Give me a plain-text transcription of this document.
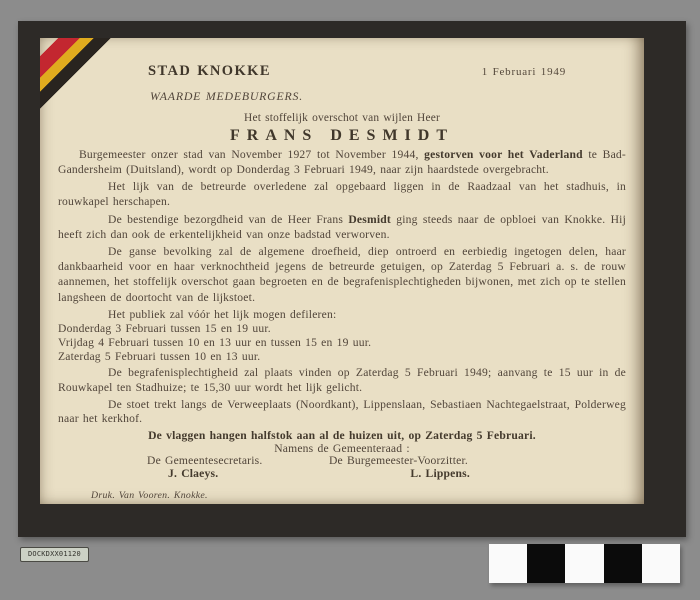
STAD KNOKKE	1 Februari 1949
WAARDE MEDEBURGERS.
Het stoffelijk overschot van wijlen Heer
FRANS DESMIDT

Burgemeester onzer stad van November 1927 tot November 1944, gestorven voor het Vaderland te Bad-Gandersheim (Duitsland), wordt op Donderdag 3 Februari 1949, naar zijn haardstede overgebracht.

Het lijk van de betreurde overledene zal opgebaard liggen in de Raadzaal van het stadhuis, in rouwkapel herschapen.

De bestendige bezorgdheid van de Heer Frans Desmidt ging steeds naar de opbloei van Knokke. Hij heeft zich dan ook de erkentelijkheid van onze badstad verworven.

De ganse bevolking zal de algemene droefheid, diep ontroerd en eerbiedig ingetogen delen, haar dankbaarheid voor en haar verknochtheid jegens de betreurde getuigen, op Zaterdag 5 Februari a. s. de rouw aannemen, het stoffelijk overschot gaan begroeten en de begrafenisplechtigheden bijwonen, met zich op te stellen langsheen de doortocht van de lijkstoet.

Het publiek zal vóór het lijk mogen defileren:

Donderdag 3 Februari tussen 15 en 19 uur.
Vrijdag 4 Februari tussen 10 en 13 uur en tussen 15 en 19 uur.
Zaterdag 5 Februari tussen 10 en 13 uur.

De begrafenisplechtigheid zal plaats vinden op Zaterdag 5 Februari 1949; aanvang te 15 uur in de Rouwkapel ten Stadhuize; te 15,30 uur wordt het lijk gelicht.

De stoet trekt langs de Verweeplaats (Noordkant), Lippenslaan, Sebastiaen Nachtegaelstraat, Polderweg naar het kerkhof.

De vlaggen hangen halfstok aan al de huizen uit, op Zaterdag 5 Februari.
Namens de Gemeenteraad :
De Gemeentesecretaris.	De Burgemeester-Voorzitter.
J. Claeys.	L. Lippens.
Druk. Van Vooren. Knokke.
DOCKDXX01120
